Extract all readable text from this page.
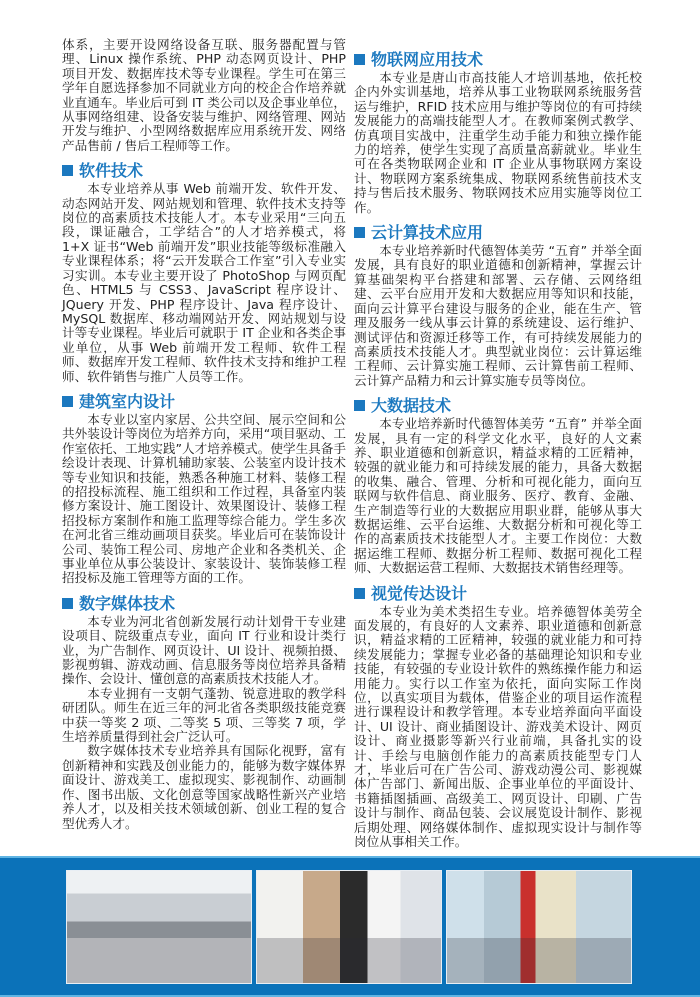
体系，主要开设网络设备互联、服务器配置与管理、Linux 操作系统、PHP 动态网页设计、PHP 项目开发、数据库技术等专业课程。学生可在第三学年自愿选择参加不同就业方向的校企合作培养就业直通车。毕业后可到 IT 类公司以及企事业单位，从事网络组建、设备安装与维护、网络管理、网站开发与维护、小型网络数据库应用系统开发、网络产品售前 / 售后工程师等工作。

软件技术

本专业培养从事 Web 前端开发、软件开发、动态网站开发、网站规划和管理、软件技术支持等岗位的高素质技术技能人才。本专业采用“三向五段，课证融合，工学结合”的人才培养模式，将 1+X 证书“Web 前端开发”职业技能等级标准融入专业课程体系；将“云开发联合工作室”引入专业实习实训。本专业主要开设了 PhotoShop 与网页配色、HTML5 与 CSS3、JavaScript 程序设计、JQuery 开发、PHP 程序设计、Java 程序设计、MySQL 数据库、移动端网站开发、网站规划与设计等专业课程。毕业后可就职于 IT 企业和各类企事业单位，从事 Web 前端开发工程师、软件工程师、数据库开发工程师、软件技术支持和维护工程师、软件销售与推广人员等工作。

建筑室内设计

本专业以室内家居、公共空间、展示空间和公共外装设计等岗位为培养方向，采用“项目驱动、工作室依托、工地实践”人才培养模式。使学生具备手绘设计表现、计算机辅助家装、公装室内设计技术等专业知识和技能，熟悉各种施工材料、装修工程的招投标流程、施工组织和工作过程，具备室内装修方案设计、施工图设计、效果图设计、装修工程招投标方案制作和施工监理等综合能力。学生多次在河北省三维动画项目获奖。毕业后可在装饰设计公司、装饰工程公司、房地产企业和各类机关、企事业单位从事公装设计、家装设计、装饰装修工程招投标及施工管理等方面的工作。

数字媒体技术

本专业为河北省创新发展行动计划骨干专业建设项目、院级重点专业，面向 IT 行业和设计类行业，为广告制作、网页设计、UI 设计、视频拍摄、影视剪辑、游戏动画、信息服务等岗位培养具备精操作、会设计、懂创意的高素质技术技能人才。

本专业拥有一支朝气蓬勃、锐意进取的教学科研团队。师生在近三年的河北省各类职级技能竞赛中获一等奖 2 项、二等奖 5 项、三等奖 7 项，学生培养质量得到社会广泛认可。

数字媒体技术专业培养具有国际化视野，富有创新精神和实践及创业能力的，能够为数字媒体界面设计、游戏美工、虚拟现实、影视制作、动画制作、图书出版、文化创意等国家战略性新兴产业培养人才，以及相关技术领域创新、创业工程的复合型优秀人才。

物联网应用技术

本专业是唐山市高技能人才培训基地，依托校企内外实训基地，培养从事工业物联网系统服务营运与维护，RFID 技术应用与维护等岗位的有可持续发展能力的高端技能型人才。在教师案例式教学、仿真项目实战中，注重学生动手能力和独立操作能力的培养，使学生实现了高质量高薪就业。毕业生可在各类物联网企业和 IT 企业从事物联网方案设计、物联网方案系统集成、物联网系统售前技术支持与售后技术服务、物联网技术应用实施等岗位工作。

云计算技术应用

本专业培养新时代德智体美劳 “五育” 并举全面发展，具有良好的职业道德和创新精神，掌握云计算基础架构平台搭建和部署、云存储、云网络组建、云平台应用开发和大数据应用等知识和技能，面向云计算平台建设与服务的企业，能在生产、管理及服务一线从事云计算的系统建设、运行维护、测试评估和资源迁移等工作，有可持续发展能力的高素质技术技能人才。典型就业岗位：云计算运维工程师、云计算实施工程师、云计算售前工程师、云计算产品精力和云计算实施专员等岗位。

大数据技术

本专业培养新时代德智体美劳 “五育” 并举全面发展，具有一定的科学文化水平，良好的人文素养、职业道德和创新意识，精益求精的工匠精神，较强的就业能力和可持续发展的能力，具备大数据的收集、融合、管理、分析和可视化能力，面向互联网与软件信息、商业服务、医疗、教育、金融、生产制造等行业的大数据应用职业群，能够从事大数据运维、云平台运维、大数据分析和可视化等工作的高素质技术技能型人才。主要工作岗位：大数据运维工程师、数据分析工程师、数据可视化工程师、大数据运营工程师、大数据技术销售经理等。

视觉传达设计

本专业为美术类招生专业。培养德智体美劳全面发展的，有良好的人文素养、职业道德和创新意识，精益求精的工匠精神，较强的就业能力和可持续发展能力；掌握专业必备的基础理论知识和专业技能，有较强的专业设计软件的熟练操作能力和运用能力。实行以工作室为依托，面向实际工作岗位，以真实项目为载体，借鉴企业的项目运作流程进行课程设计和教学管理。本专业培养面向平面设计、UI 设计、商业插图设计、游戏美术设计、网页设计、商业摄影等新兴行业前端，具备扎实的设计、手绘与电脑创作能力的高素质技能型专门人才，毕业后可在广告公司、游戏动漫公司、影视媒体广告部门、新闻出版、企事业单位的平面设计、书籍插图插画、高级美工、网页设计、印刷、广告设计与制作、商品包装、会议展览设计制作、影视后期处理、网络媒体制作、虚拟现实设计与制作等岗位从事相关工作。
